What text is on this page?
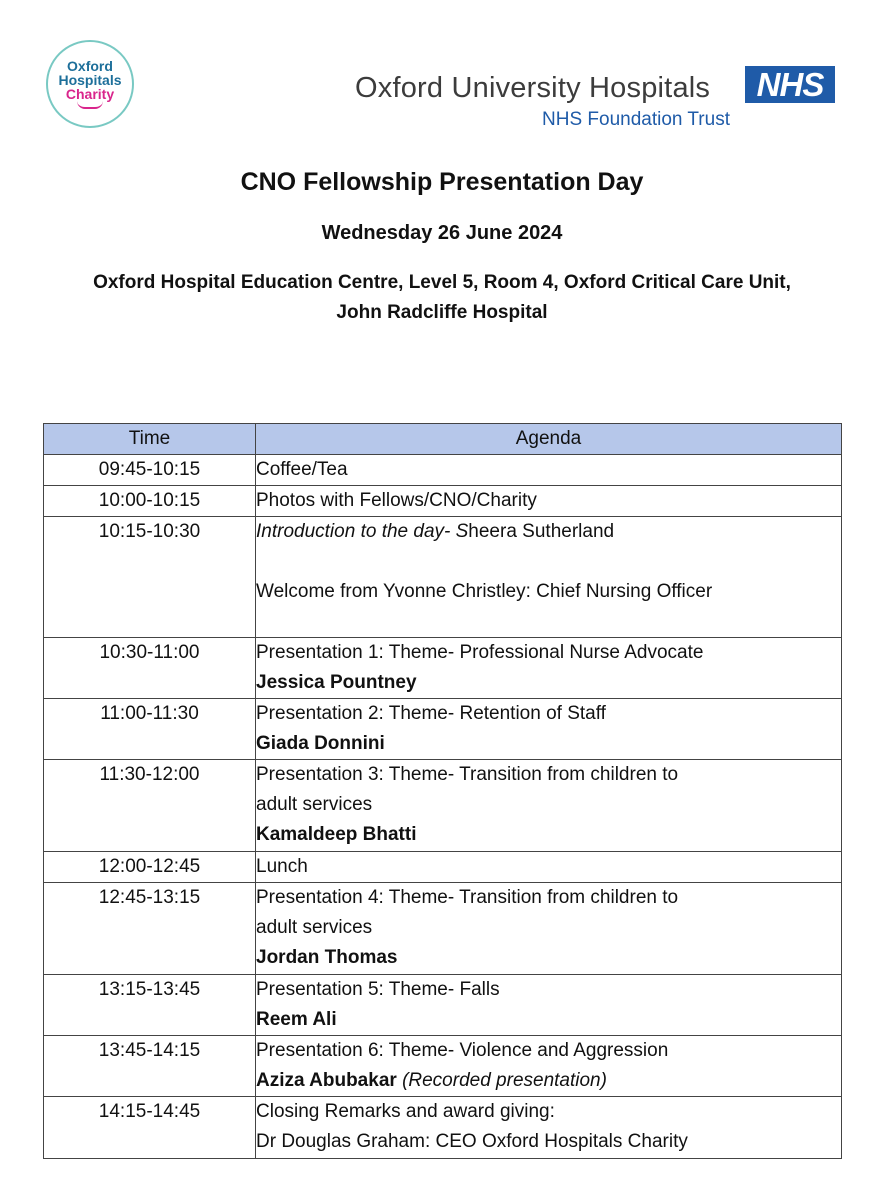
Oxford
Hospitals
Charity	Oxford University Hospitals	NHS
NHS Foundation Trust
CNO Fellowship Presentation Day
Wednesday 26 June 2024
Oxford Hospital Education Centre, Level 5, Room 4, Oxford Critical Care Unit,
John Radcliffe Hospital
Time	Agenda
09:45-10:15	Coffee/Tea

10:00-10:15	Photos with Fellows/CNO/Charity

10:15-10:30	Introduction to the day- Sheera Sutherland
Welcome from Yvonne Christley: Chief Nursing Officer

10:30-11:00	Presentation 1: Theme- Professional Nurse Advocate
Jessica Pountney

11:00-11:30	Presentation 2: Theme- Retention of Staff
Giada Donnini

11:30-12:00	Presentation 3: Theme- Transition from children to
adult services
Kamaldeep Bhatti

12:00-12:45	Lunch

12:45-13:15	Presentation 4: Theme- Transition from children to
adult services
Jordan Thomas

13:15-13:45	Presentation 5: Theme- Falls
Reem Ali

13:45-14:15	Presentation 6: Theme- Violence and Aggression
Aziza Abubakar (Recorded presentation)

14:15-14:45	Closing Remarks and award giving:
Dr Douglas Graham: CEO Oxford Hospitals Charity
